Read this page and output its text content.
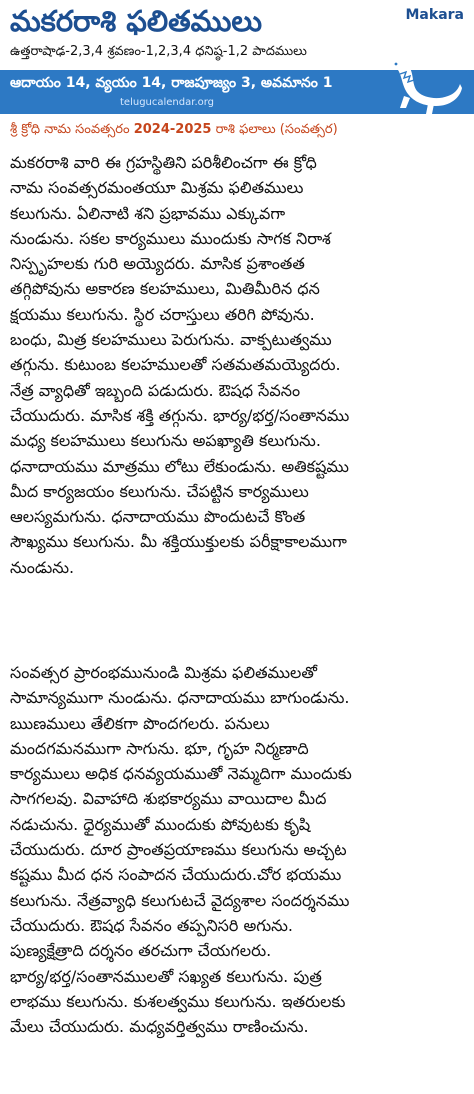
మకరరాశి ఫలితములు	Makara
ఉత్తరాషాఢ-2,3,4 శ్రవణం-1,2,3,4 ధనిష్ఠ-1,2 పాదములు
ఆదాయం 14, వ్యయం 14, రాజపూజ్యం 3, అవమానం 1
telugucalendar.org
శ్రీ క్రోధి నామ సంవత్సరం 2024-2025 రాశి ఫలాలు (సంవత్సర)
మకరరాశి వారి ఈ గ్రహస్థితిని పరిశీలించగా ఈ క్రోధి
నామ సంవత్సరమంతయూ మిశ్రమ ఫలితములు
కలుగును. ఏలినాటి శని ప్రభావము ఎక్కువగా
నుండును. సకల కార్యములు ముందుకు సాగక నిరాశ
నిస్పృహలకు గురి అయ్యెదరు. మాసిక ప్రశాంతత
తగ్గిపోవును అకారణ కలహములు, మితిమీరిన ధన
క్షయము కలుగును. స్థిర చరాస్తులు తరిగి పోవును.
బంధు, మిత్ర కలహములు పెరుగును. వాక్పటుత్వము
తగ్గును. కుటుంబ కలహములతో సతమతమయ్యెదరు.
నేత్ర వ్యాధితో ఇబ్బంది పడుదురు. ఔషధ సేవనం
చేయుదురు. మాసిక శక్తి తగ్గును. భార్య/భర్త/సంతానము
మధ్య కలహములు కలుగును అపఖ్యాతి కలుగును.
ధనాదాయము మాత్రము లోటు లేకుండును. అతికష్టము
మీద కార్యజయం కలుగును. చేపట్టిన కార్యములు
ఆలస్యమగును. ధనాదాయము పొందుటచే కొంత
సౌఖ్యము కలుగును. మీ శక్తియుక్తులకు పరీక్షాకాలముగా
నుండును.
సంవత్సర ప్రారంభమునుండి మిశ్రమ ఫలితములతో
సామాన్యముగా నుండును. ధనాదాయము బాగుండును.
ఋణములు తేలికగా పొందగలరు. పనులు
మందగమనముగా సాగును. భూ, గృహ నిర్మణాది
కార్యములు అధిక ధనవ్యయముతో నెమ్మదిగా ముందుకు
సాగగలవు. వివాహాది శుభకార్యము వాయిదాల మీద
నడుచును. ధైర్యముతో ముందుకు పోవుటకు కృషి
చేయుదురు. దూర ప్రాంతప్రయాణము కలుగును అచ్చట
కష్టము మీద ధన సంపాదన చేయుదురు.చోర భయము
కలుగును. నేత్రవ్యాధి కలుగుటచే వైద్యశాల సందర్శనము
చేయుదురు. ఔషధ సేవనం తప్పనిసరి అగును.
పుణ్యక్షేత్రాది దర్శనం తరచుగా చేయగలరు.
భార్య/భర్త/సంతానములతో సఖ్యత కలుగును. పుత్ర
లాభము కలుగును. కుశలత్వము కలుగును. ఇతరులకు
మేలు చేయుదురు. మధ్యవర్తిత్వము రాణించును.
